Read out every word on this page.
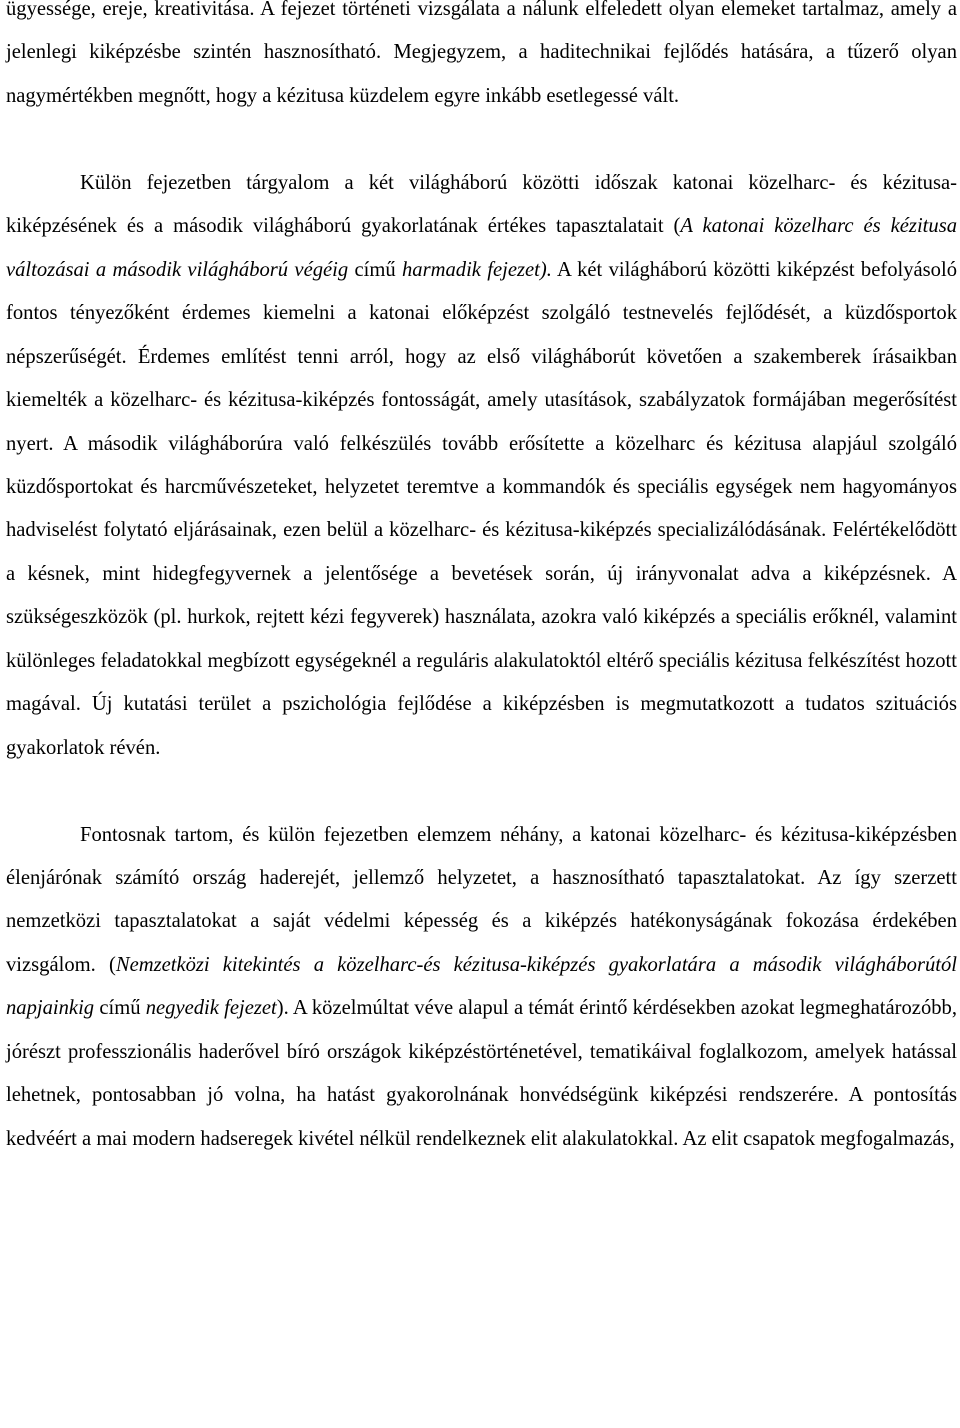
ügyessége, ereje, kreativitása. A fejezet történeti vizsgálata a nálunk elfeledett olyan elemeket tartalmaz, amely a jelenlegi kiképzésbe szintén hasznosítható. Megjegyzem, a haditechnikai fejlődés hatására, a tűzerő olyan nagymértékben megnőtt, hogy a kézitusa küzdelem egyre inkább esetlegessé vált.

Külön fejezetben tárgyalom a két világháború közötti időszak katonai közelharc- és kézitusa-kiképzésének és a második világháború gyakorlatának értékes tapasztalatait (A katonai közelharc és kézitusa változásai a második világháború végéig című harmadik fejezet). A két világháború közötti kiképzést befolyásoló fontos tényezőként érdemes kiemelni a katonai előképzést szolgáló testnevelés fejlődését, a küzdősportok népszerűségét. Érdemes említést tenni arról, hogy az első világháborút követően a szakemberek írásaikban kiemelték a közelharc- és kézitusa-kiképzés fontosságát, amely utasítások, szabályzatok formájában megerősítést nyert. A második világháborúra való felkészülés tovább erősítette a közelharc és kézitusa alapjául szolgáló küzdősportokat és harcművészeteket, helyzetet teremtve a kommandók és speciális egységek nem hagyományos hadviselést folytató eljárásainak, ezen belül a közelharc- és kézitusa-kiképzés specializálódásának. Felértékelődött a késnek, mint hidegfegyvernek a jelentősége a bevetések során, új irányvonalat adva a kiképzésnek. A szükségeszközök (pl. hurkok, rejtett kézi fegyverek) használata, azokra való kiképzés a speciális erőknél, valamint különleges feladatokkal megbízott egységeknél a reguláris alakulatoktól eltérő speciális kézitusa felkészítést hozott magával. Új kutatási terület a pszichológia fejlődése a kiképzésben is megmutatkozott a tudatos szituációs gyakorlatok révén.

Fontosnak tartom, és külön fejezetben elemzem néhány, a katonai közelharc- és kézitusa-kiképzésben élenjárónak számító ország haderejét, jellemző helyzetet, a hasznosítható tapasztalatokat. Az így szerzett nemzetközi tapasztalatokat a saját védelmi képesség és a kiképzés hatékonyságának fokozása érdekében vizsgálom. (Nemzetközi kitekintés a közelharc-és kézitusa-kiképzés gyakorlatára a második világháborútól napjainkig című negyedik fejezet). A közelmúltat véve alapul a témát érintő kérdésekben azokat legmeghatározóbb, jórészt professzionális haderővel bíró országok kiképzéstörténetével, tematikáival foglalkozom, amelyek hatással lehetnek, pontosabban jó volna, ha hatást gyakorolnának honvédségünk kiképzési rendszerére. A pontosítás kedvéért a mai modern hadseregek kivétel nélkül rendelkeznek elit alakulatokkal. Az elit csapatok megfogalmazás,
